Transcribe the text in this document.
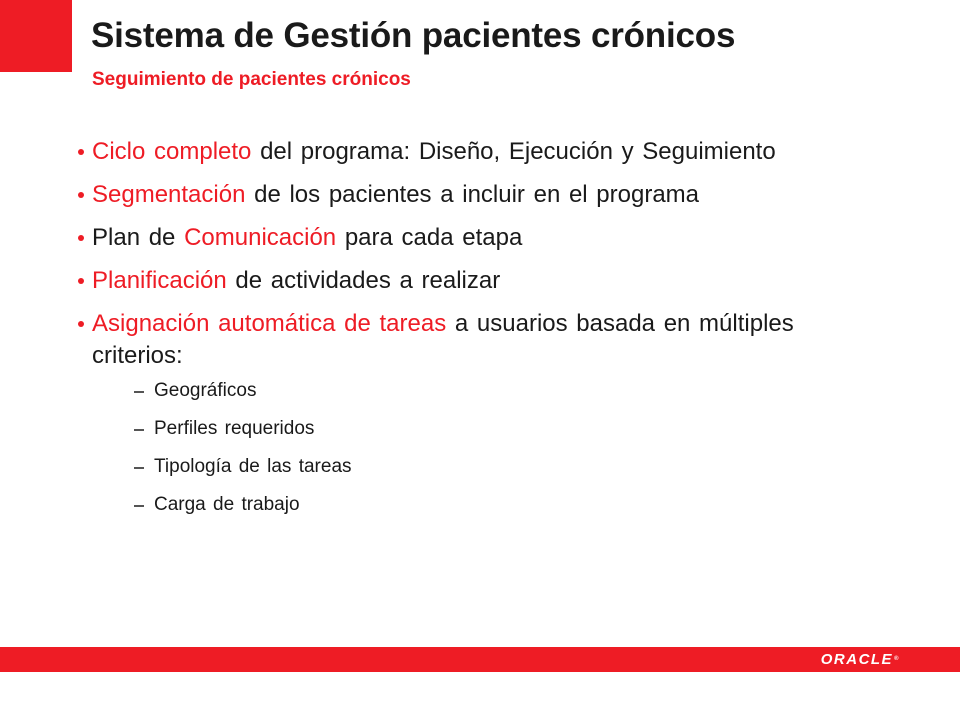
Sistema de Gestión pacientes crónicos
Seguimiento de pacientes crónicos
Ciclo completo del programa: Diseño, Ejecución y Seguimiento
Segmentación de los pacientes a incluir en el programa
Plan de Comunicación para cada etapa
Planificación de actividades a realizar
Asignación automática de tareas a usuarios basada en múltiples criterios:
Geográficos
Perfiles requeridos
Tipología de las tareas
Carga de trabajo
ORACLE®
